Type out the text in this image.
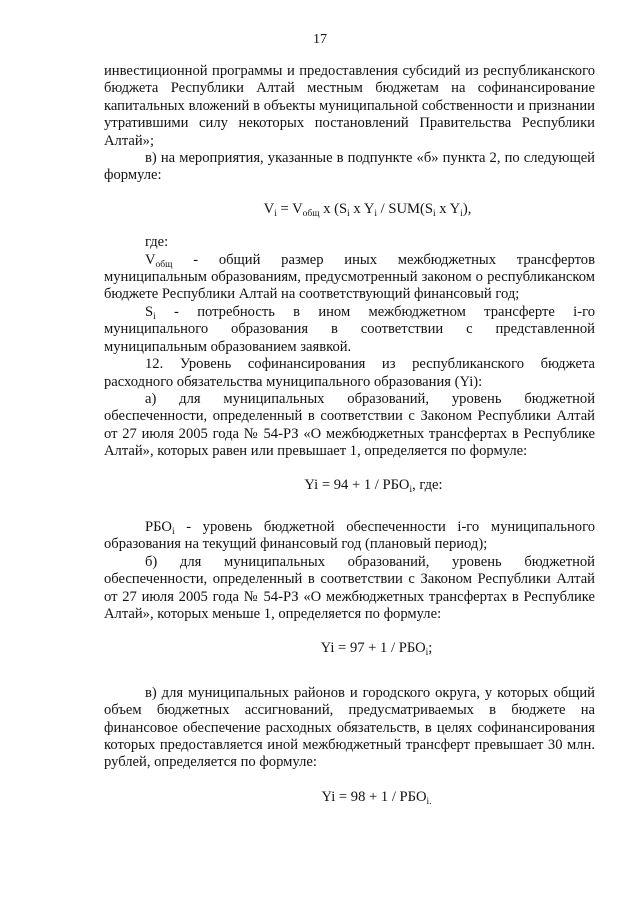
17

инвестиционной программы и предоставления субсидий из республиканского бюджета Республики Алтай местным бюджетам на софинансирование капитальных вложений в объекты муниципальной собственности и признании утратившими силу некоторых постановлений Правительства Республики Алтай»;

в) на мероприятия, указанные в подпункте «б» пункта 2, по следующей формуле:

$V_i = V_{общ}$ x ($S_i$ x $Y_i / SUM(S_i$ x $Y_i$),

где:

$V_{общ}$ - общий размер иных межбюджетных трансфертов муниципальным образованиям, предусмотренный законом о республиканском бюджете Республики Алтай на соответствующий финансовый год;

$S_i$ - потребность в ином межбюджетном трансферте i-го муниципального образования в соответствии с представленной муниципальным образованием заявкой.

12. Уровень софинансирования из республиканского бюджета расходного обязательства муниципального образования (Yi):

а) для муниципальных образований, уровень бюджетной обеспеченности, определенный в соответствии с Законом Республики Алтай от 27 июля 2005 года № 54-РЗ «О межбюджетных трансфертах в Республике Алтай», которых равен или превышает 1, определяется по формуле:

$Yi = 94 + 1 / РБО_i$, где:

$РБО_i$ - уровень бюджетной обеспеченности i-го муниципального образования на текущий финансовый год (плановый период);

б) для муниципальных образований, уровень бюджетной обеспеченности, определенный в соответствии с Законом Республики Алтай от 27 июля 2005 года № 54-РЗ «О межбюджетных трансфертах в Республике Алтай», которых меньше 1, определяется по формуле:

$Yi = 97 + 1 / РБО_i$;

в) для муниципальных районов и городского округа, у которых общий объем бюджетных ассигнований, предусматриваемых в бюджете на финансовое обеспечение расходных обязательств, в целях софинансирования которых предоставляется иной межбюджетный трансферт превышает 30 млн. рублей, определяется по формуле:

$Yi = 98 + 1 / РБО_{i.}$
